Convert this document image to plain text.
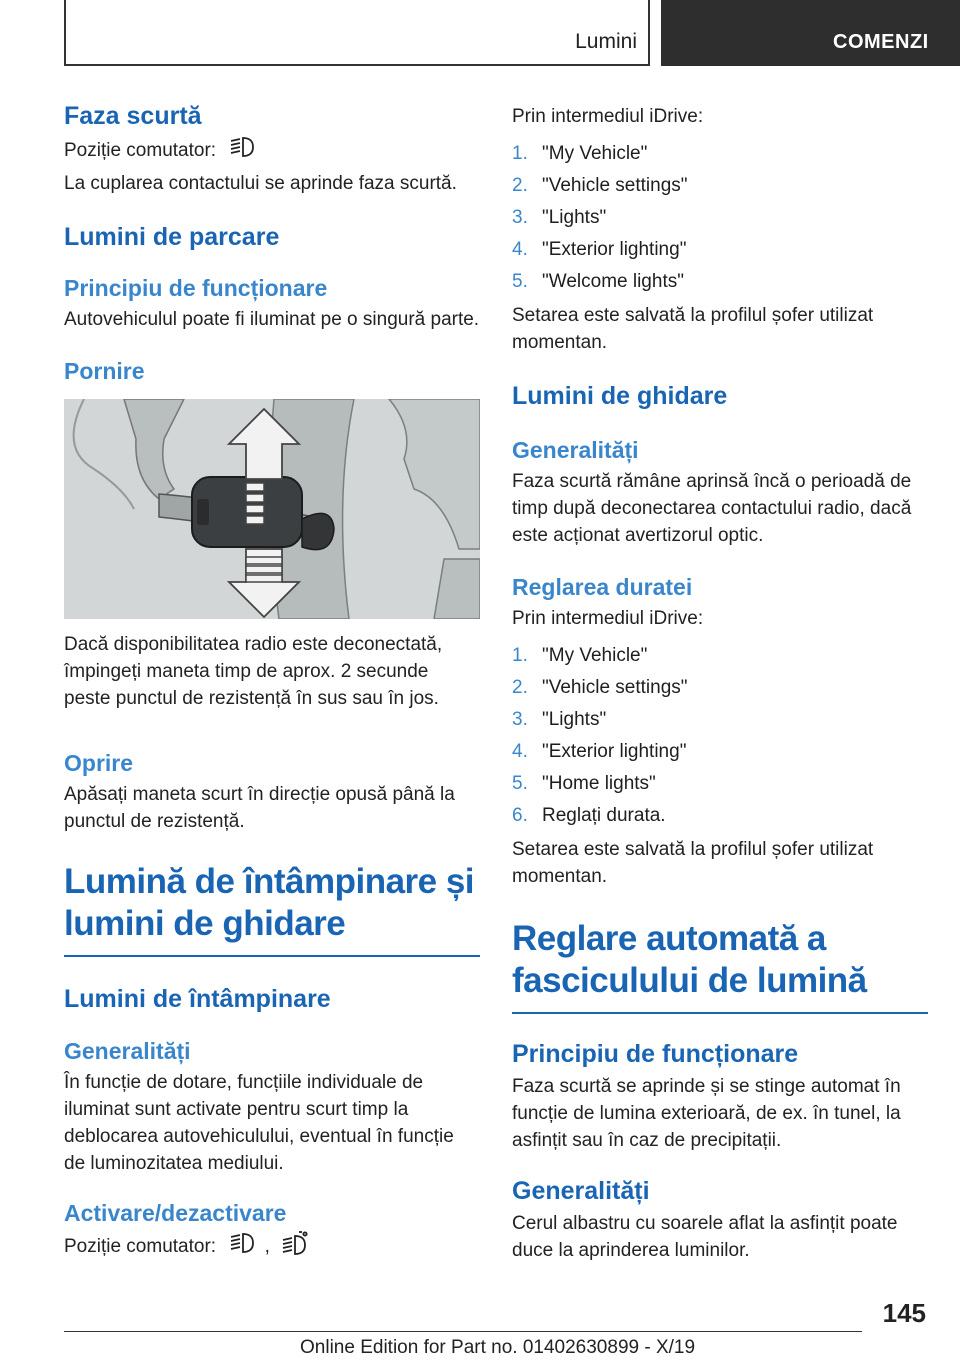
Lumini	COMENZI
Faza scurtă
Poziție comutator:
La cuplarea contactului se aprinde faza scurtă.
Lumini de parcare
Principiu de funcționare
Autovehiculul poate fi iluminat pe o singură parte.
Pornire
Dacă disponibilitatea radio este deconectată, împingeți maneta timp de aprox. 2 secunde peste punctul de rezistență în sus sau în jos.
Oprire
Apăsați maneta scurt în direcție opusă până la punctul de rezistență.
Lumină de întâmpinare și lumini de ghidare
Lumini de întâmpinare
Generalități
În funcție de dotare, funcțiile individuale de iluminat sunt activate pentru scurt timp la deblocarea autovehiculului, eventual în funcție de luminozitatea mediului.
Activare/dezactivare
Poziție comutator:	,
Prin intermediul iDrive:
1. "My Vehicle"
2. "Vehicle settings"
3. "Lights"
4. "Exterior lighting"
5. "Welcome lights"
Setarea este salvată la profilul șofer utilizat momentan.
Lumini de ghidare
Generalități
Faza scurtă rămâne aprinsă încă o perioadă de timp după deconectarea contactului radio, dacă este acționat avertizorul optic.
Reglarea duratei
Prin intermediul iDrive:
1. "My Vehicle"
2. "Vehicle settings"
3. "Lights"
4. "Exterior lighting"
5. "Home lights"
6. Reglați durata.
Setarea este salvată la profilul șofer utilizat momentan.
Reglare automată a fasciculului de lumină
Principiu de funcționare
Faza scurtă se aprinde și se stinge automat în funcție de lumina exterioară, de ex. în tunel, la asfințit sau în caz de precipitații.
Generalități
Cerul albastru cu soarele aflat la asfințit poate duce la aprinderea luminilor.
145
Online Edition for Part no. 01402630899 - X/19
